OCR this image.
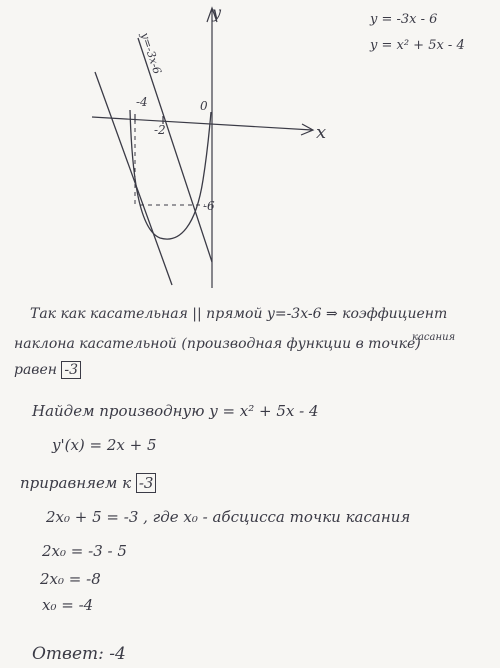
y
x
-4
-2
0
-6
y=-3x-6
y = -3x - 6
y = x² + 5x - 4
Так как касательная || прямой y=-3x-6 ⇒ коэффициент
касания
наклона касательной (производная функции в точке)
равен -3
Найдем производную y = x² + 5x - 4
y'(x) = 2x + 5
приравняем к -3
2x₀ + 5 = -3 , где x₀ - абсцисса точки касания
2x₀ = -3 - 5
2x₀ = -8
x₀ = -4
Ответ: -4
